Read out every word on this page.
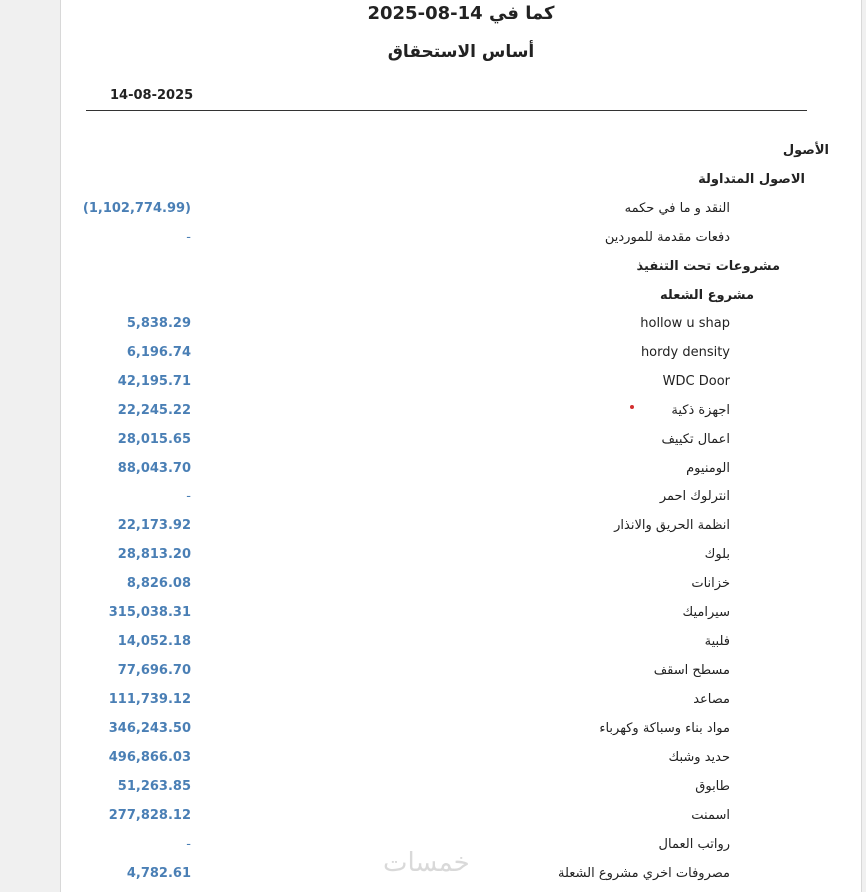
كما في 14-08-2025
أساس الاستحقاق
14-08-2025
الأصول
الاصول المتداولة
النقد و ما في حكمه
(1,102,774.99)
دفعات مقدمة للموردين
-
مشروعات تحت التنفيذ
مشروع الشعله
hollow u shap
5,838.29
hordy density
6,196.74
WDC Door
42,195.71
اجهزة ذكية
22,245.22
اعمال تكييف
28,015.65
الومنيوم
88,043.70
انترلوك احمر
-
انظمة الحريق والانذار
22,173.92
بلوك
28,813.20
خزانات
8,826.08
سيراميك
315,038.31
فلبية
14,052.18
مسطح اسقف
77,696.70
مصاعد
111,739.12
مواد بناء وسباكة وكهرباء
346,243.50
حديد وشبك
496,866.03
طابوق
51,263.85
اسمنت
277,828.12
رواتب العمال
-
مصروفات اخري مشروع الشعلة
4,782.61	خمسات
